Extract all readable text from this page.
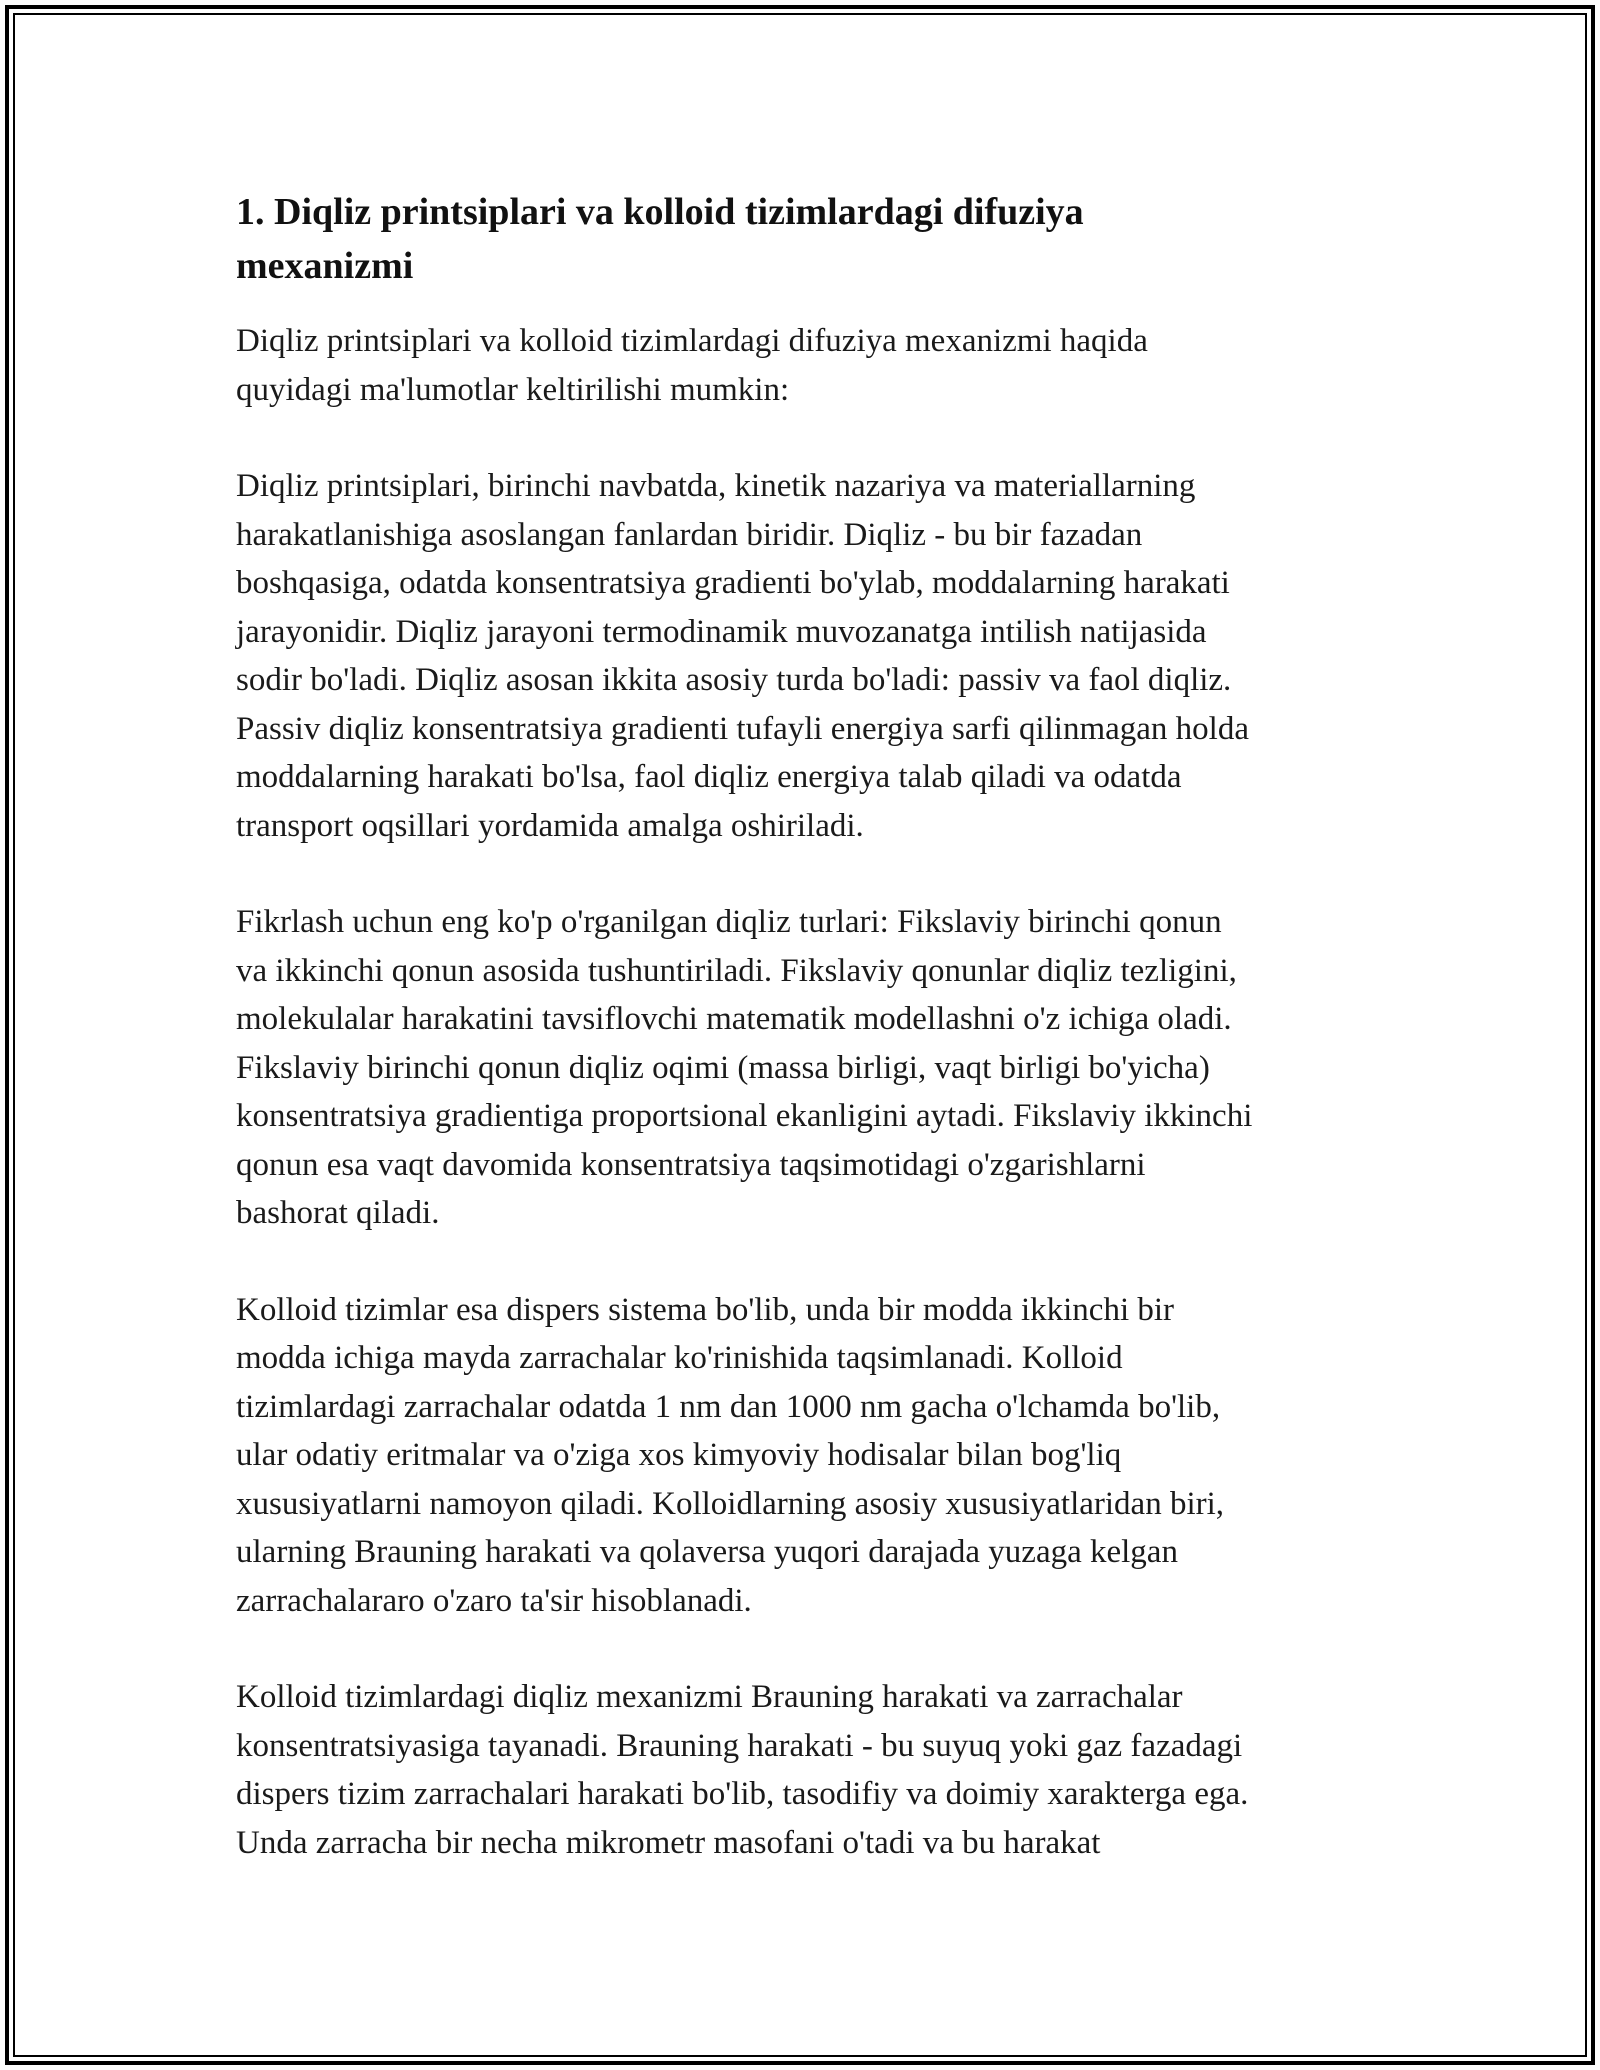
1. Diqliz printsiplari va kolloid tizimlardagi difuziya
mexanizmi

Diqliz printsiplari va kolloid tizimlardagi difuziya mexanizmi haqida
quyidagi ma'lumotlar keltirilishi mumkin:

Diqliz printsiplari, birinchi navbatda, kinetik nazariya va materiallarning
harakatlanishiga asoslangan fanlardan biridir. Diqliz - bu bir fazadan
boshqasiga, odatda konsentratsiya gradienti bo'ylab, moddalarning harakati
jarayonidir. Diqliz jarayoni termodinamik muvozanatga intilish natijasida
sodir bo'ladi. Diqliz asosan ikkita asosiy turda bo'ladi: passiv va faol diqliz.
Passiv diqliz konsentratsiya gradienti tufayli energiya sarfi qilinmagan holda
moddalarning harakati bo'lsa, faol diqliz energiya talab qiladi va odatda
transport oqsillari yordamida amalga oshiriladi.

Fikrlash uchun eng ko'p o'rganilgan diqliz turlari: Fikslaviy birinchi qonun
va ikkinchi qonun asosida tushuntiriladi. Fikslaviy qonunlar diqliz tezligini,
molekulalar harakatini tavsiflovchi matematik modellashni o'z ichiga oladi.
Fikslaviy birinchi qonun diqliz oqimi (massa birligi, vaqt birligi bo'yicha)
konsentratsiya gradientiga proportsional ekanligini aytadi. Fikslaviy ikkinchi
qonun esa vaqt davomida konsentratsiya taqsimotidagi o'zgarishlarni
bashorat qiladi.

Kolloid tizimlar esa dispers sistema bo'lib, unda bir modda ikkinchi bir
modda ichiga mayda zarrachalar ko'rinishida taqsimlanadi. Kolloid
tizimlardagi zarrachalar odatda 1 nm dan 1000 nm gacha o'lchamda bo'lib,
ular odatiy eritmalar va o'ziga xos kimyoviy hodisalar bilan bog'liq
xususiyatlarni namoyon qiladi. Kolloidlarning asosiy xususiyatlaridan biri,
ularning Brauning harakati va qolaversa yuqori darajada yuzaga kelgan
zarrachalararo o'zaro ta'sir hisoblanadi.

Kolloid tizimlardagi diqliz mexanizmi Brauning harakati va zarrachalar
konsentratsiyasiga tayanadi. Brauning harakati - bu suyuq yoki gaz fazadagi
dispers tizim zarrachalari harakati bo'lib, tasodifiy va doimiy xarakterga ega.
Unda zarracha bir necha mikrometr masofani o'tadi va bu harakat
